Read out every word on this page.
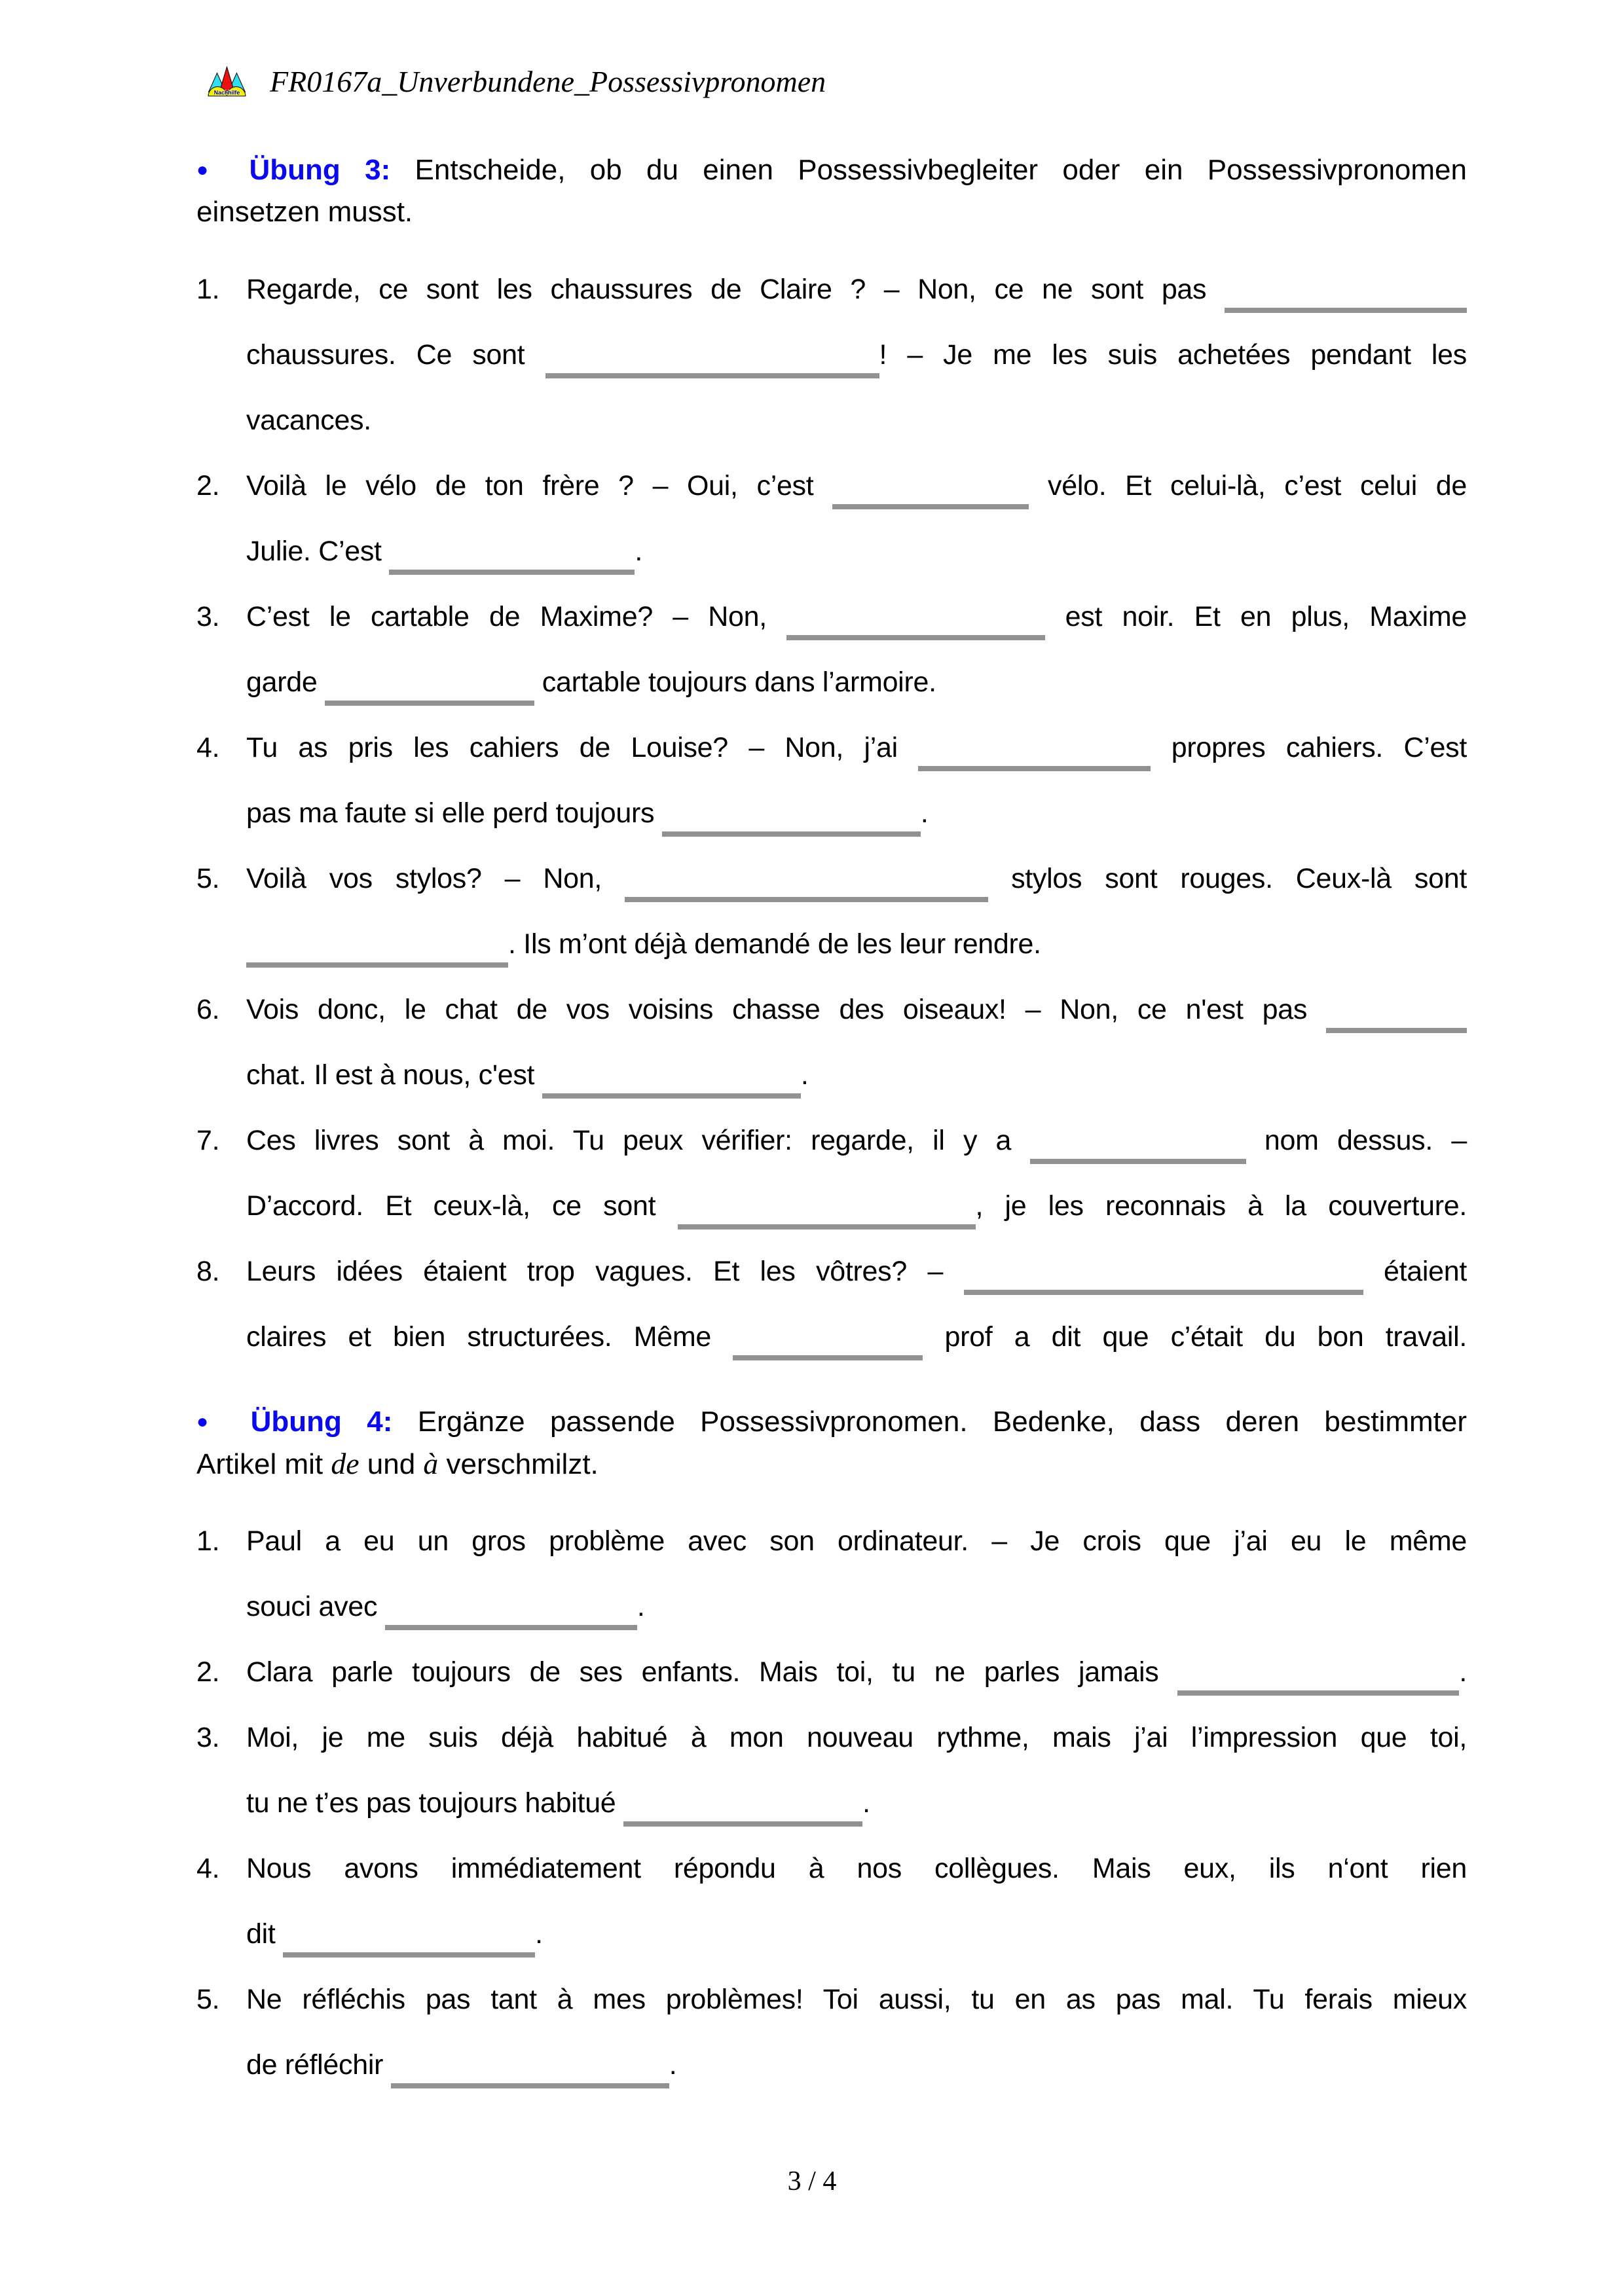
Nachhilfe FR0167a_Unverbundene_Possessivpronomen
● Übung 3: Entscheide, ob du einen Possessivbegleiter oder ein Possessivpronomen
einsetzen musst.
1. Regarde, ce sont les chaussures de Claire ? – Non, ce ne sont pas
chaussures. Ce sont	! – Je me les suis achetées pendant les
vacances.
2. Voilà le vélo de ton frère ? – Oui, c’est	vélo. Et celui-là, c’est celui de
Julie. C’est	.
3. C’est le cartable de Maxime? – Non,	est noir. Et en plus, Maxime
garde	cartable toujours dans l’armoire.
4. Tu as pris les cahiers de Louise? – Non, j’ai	propres cahiers. C’est
pas ma faute si elle perd toujours	.
5. Voilà vos stylos? – Non,	stylos sont rouges. Ceux-là sont
. Ils m’ont déjà demandé de les leur rendre.
6. Vois donc, le chat de vos voisins chasse des oiseaux! – Non, ce n'est pas
chat. Il est à nous, c'est	.
7. Ces livres sont à moi. Tu peux vérifier: regarde, il y a	nom dessus. –
D’accord. Et ceux-là, ce sont	, je les reconnais à la couverture.
8. Leurs idées étaient trop vagues. Et les vôtres? –	étaient
claires et bien structurées. Même	prof a dit que c’était du bon travail.
● Übung 4: Ergänze passende Possessivpronomen. Bedenke, dass deren bestimmter
Artikel mit de und à verschmilzt.
1. Paul a eu un gros problème avec son ordinateur. – Je crois que j’ai eu le même
souci avec	.
2. Clara parle toujours de ses enfants. Mais toi, tu ne parles jamais	.
3. Moi, je me suis déjà habitué à mon nouveau rythme, mais j’ai l’impression que toi,
tu ne t’es pas toujours habitué	.
4. Nous avons immédiatement répondu à nos collègues. Mais eux, ils n‘ont rien
dit	.
5. Ne réfléchis pas tant à mes problèmes! Toi aussi, tu en as pas mal. Tu ferais mieux
de réfléchir	.
3 / 4
